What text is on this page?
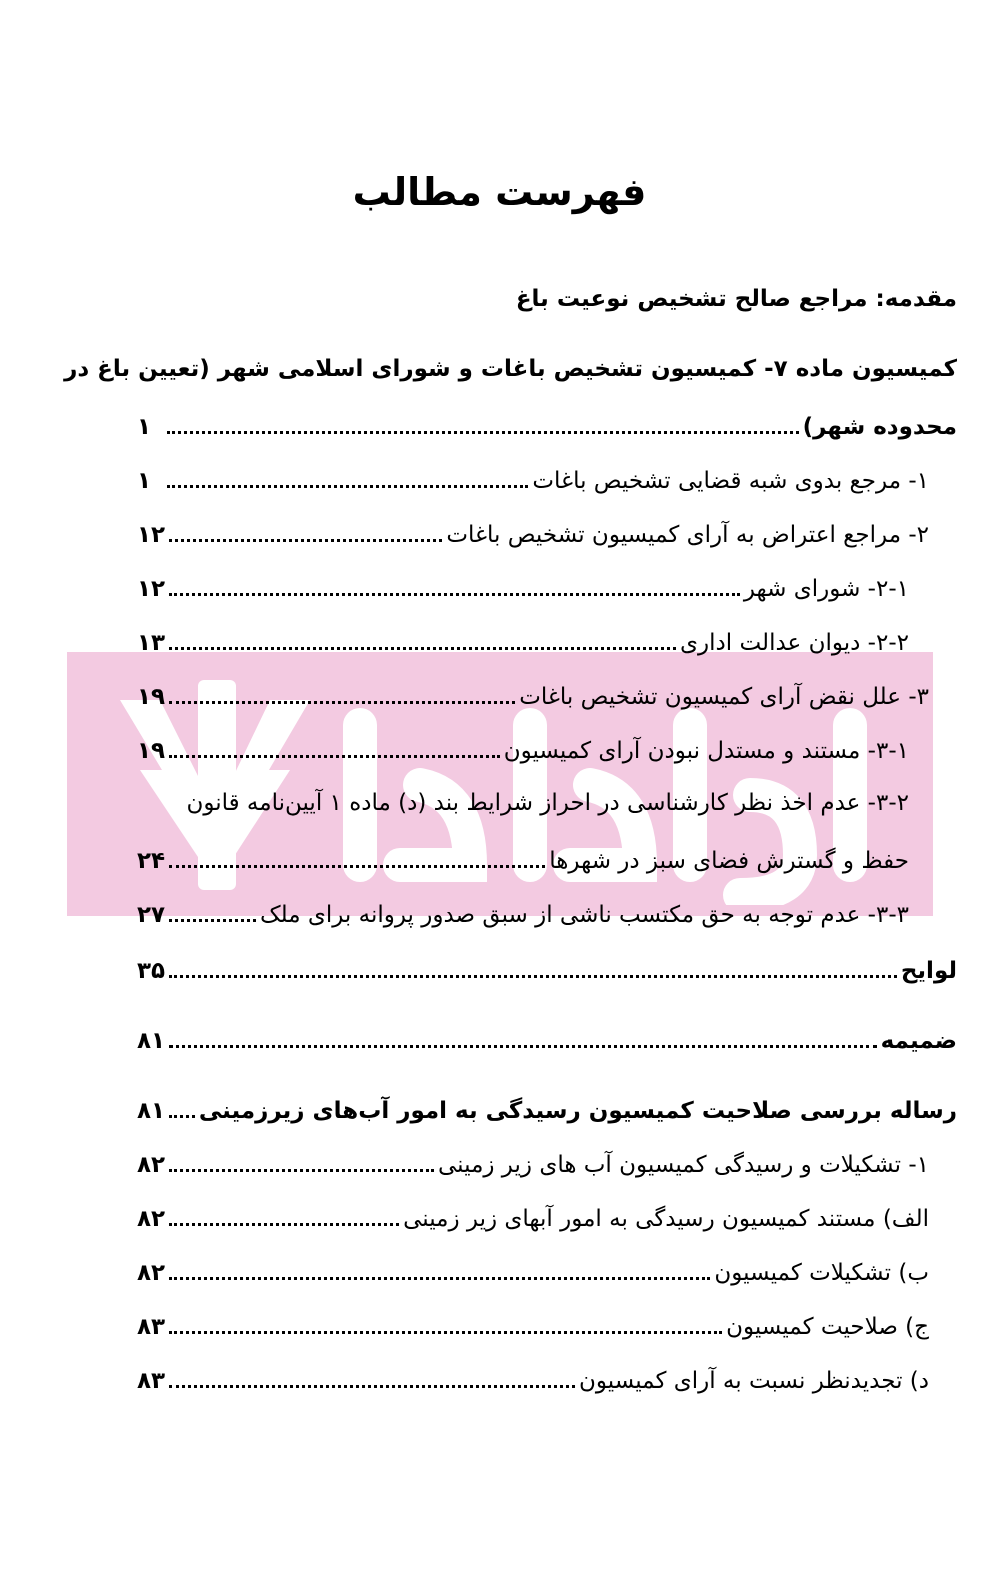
فهرست مطالب
مقدمه: مراجع صالح تشخیص نوعیت باغ
کمیسیون ماده ۷- کمیسیون تشخیص باغات و شورای اسلامی شهر (تعیین باغ در
محدوده شهر)
۱
۱- مرجع بدوی شبه قضایی تشخیص باغات
۱
۲- مراجع اعتراض به آرای کمیسیون تشخیص باغات
۱۲
۲-۱- شورای شهر
۱۲
۲-۲- دیوان عدالت اداری
۱۳
۳- علل نقض آرای کمیسیون تشخیص باغات
۱۹
۳-۱- مستند و مستدل نبودن آرای کمیسیون
۱۹
۳-۲- عدم اخذ نظر کارشناسی در احراز شرایط بند (د) ماده ۱ آیین‌نامه قانون
حفظ و گسترش فضای سبز در شهرها
۲۴
۳-۳- عدم توجه به حق مکتسب ناشی از سبق صدور پروانه برای ملک
۲۷
لوایح
۳۵
ضمیمه
۸۱
رساله بررسی صلاحیت کمیسیون رسیدگی به امور آب‌های زیرزمینی
۸۱
۱- تشکیلات و رسیدگی کمیسیون آب های زیر زمینی
۸۲
الف) مستند کمیسیون رسیدگی به امور آبهای زیر زمینی
۸۲
ب) تشکیلات کمیسیون
۸۲
ج) صلاحیت کمیسیون
۸۳
د) تجدیدنظر نسبت به آرای کمیسیون
۸۳
